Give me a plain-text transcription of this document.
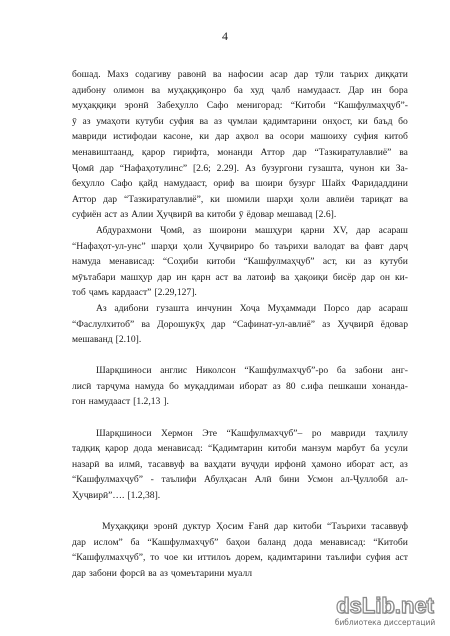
4
бошад. Махз содагиву равонӣ ва нафосии асар дар тӯли таърих диққати
адибону олимон ва муҳаққиқонро ба худ ҷалб намудааст. Дар ин бора
муҳаққиқи эронӣ Забеҳулло Сафо менигорад: “Китоби “Кашфулмаҳҷуб”-
ӯ аз умаҳоти кутуби суфия ва аз ҷумлаи қадимтарини онҳост, ки баъд бо
мавриди истифодаи касоне, ки дар аҳвол ва осори машоиху суфия китоб
менавиштаанд, қарор гирифта, монанди Аттор дар “Тазкиратулавлиё” ва
Ҷомӣ дар “Нафаҳотулинс” [2.6; 2.29]. Аз бузургони гузашта, чунон ки За-
беҳулло Сафо қайд намудааст, ориф ва шоири бузург Шайх Фаридаддини
Аттор дар “Тазкиратулавлиё”, ки шомили шарҳи ҳоли авлиёи тариқат ва
суфиён аст аз Алии Ҳуҷвирӣ ва китоби ӯ ёдовар мешавад [2.6].
Абдурахмони Ҷомӣ, аз шоирони машҳури қарни XV, дар асараш
“Нафаҳот-ул-унс” шарҳи ҳоли Ҳуҷвириро бо таърихи валодат ва фавт дарҷ
намуда менависад: “Соҳиби китоби “Кашфулмаҳҷуб” аст, ки аз кутуби
мӯътабари машҳур дар ин қарн аст ва латоиф ва ҳақоиқи бисёр дар он ки-
тоб ҷамъ кардааст” [2.29,127].
Аз адибони гузашта инчунин Хоҷа Муҳаммади Порсо дар асараш
“Фасл‍ул‍хитоб” ва Дорошукӯҳ дар “Сафинат-ул-авлиё” аз Ҳуҷвирӣ ёдовар
мешаванд [2.10].
Шарқшиноси англис Николсон “Кашфулмахҷуб”-ро ба забони анг-
лисӣ тарҷума намуда бо муқаддимаи иборат аз 80 с.ифа пешкаши хонанда-
гон намудааст [1.2,13 ].
Шарқшиноси Хермон Эте “Кашфулмахҷуб”– ро мавриди таҳлилу
тадқиқ қарор дода менависад: “Қадимтарин китоби манзум марбут ба усули
назарӣ ва илмӣ, тасаввуф ва ваҳдати вуҷуди ирфонӣ ҳамоно иборат аст, аз
“Кашфулмахҷуб” - таълифи Абулҳасан Алӣ бини Усмон ал-Ҷуллобӣ ал-
Ҳуҷвирӣ”…. [1.2,38].
Муҳаққиқи эронӣ дуктур Ҳосим Ғанӣ дар китоби “Таърихи тасаввуф
дар ислом” ба “Кашфулмахҷуб” баҳои баланд дода менависад: “Китоби
“Кашфулмахҷуб”, то чое ки иттилоъ дорем, қадимтарини таълифи суфия аст
дар забони форсӣ ва аз ҷомеътарини муалл
dsLib.net
библиотека диссертаций
